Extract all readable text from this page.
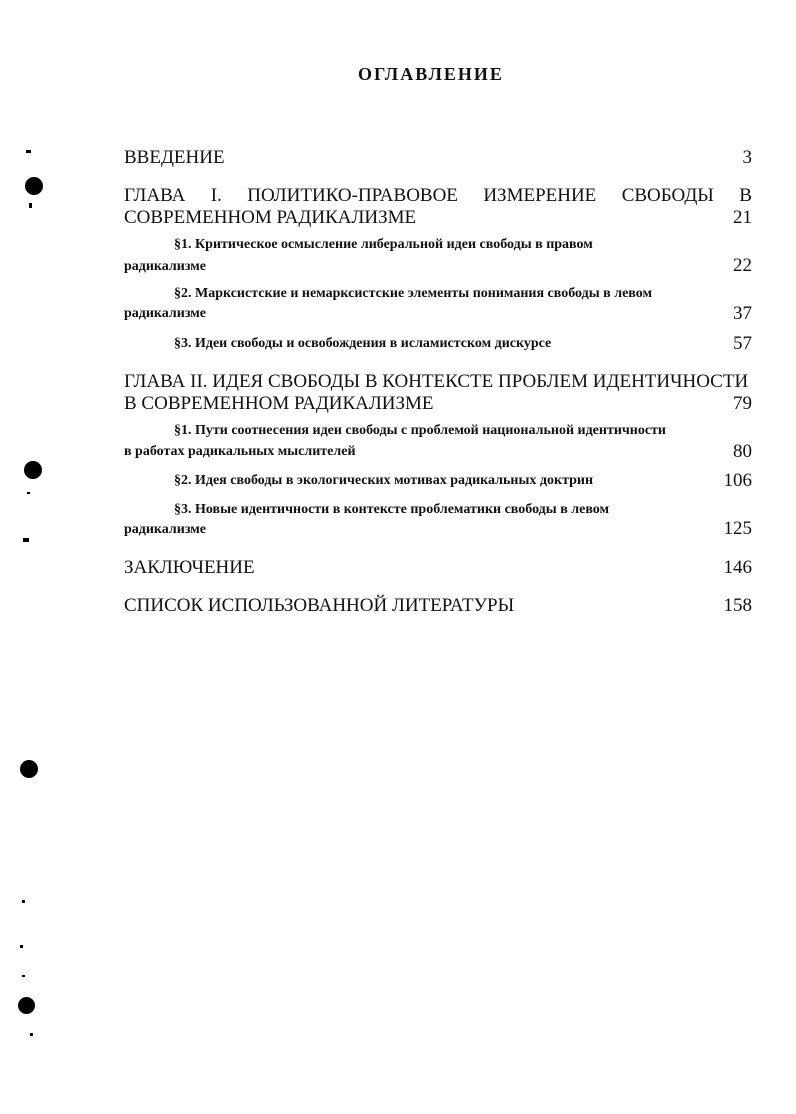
ОГЛАВЛЕНИЕ
ВВЕДЕНИЕ	3
ГЛАВА I. ПОЛИТИКО-ПРАВОВОЕ ИЗМЕРЕНИЕ СВОБОДЫ В
СОВРЕМЕННОМ РАДИКАЛИЗМЕ	21
§1. Критическое осмысление либеральной идеи свободы в правом
радикализме	22
§2. Марксистские и немарксистские элементы понимания свободы в левом
радикализме	37
§3. Идеи свободы и освобождения в исламистском дискурсе	57
ГЛАВА II. ИДЕЯ СВОБОДЫ В КОНТЕКСТЕ ПРОБЛЕМ ИДЕНТИЧНОСТИ
В СОВРЕМЕННОМ РАДИКАЛИЗМЕ	79
§1. Пути соотнесения идеи свободы с проблемой национальной идентичности
в работах радикальных мыслителей	80
§2. Идея свободы в экологических мотивах радикальных доктрин	106
§3. Новые идентичности в контексте проблематики свободы в левом
радикализме	125
ЗАКЛЮЧЕНИЕ	146
СПИСОК ИСПОЛЬЗОВАННОЙ ЛИТЕРАТУРЫ	158
